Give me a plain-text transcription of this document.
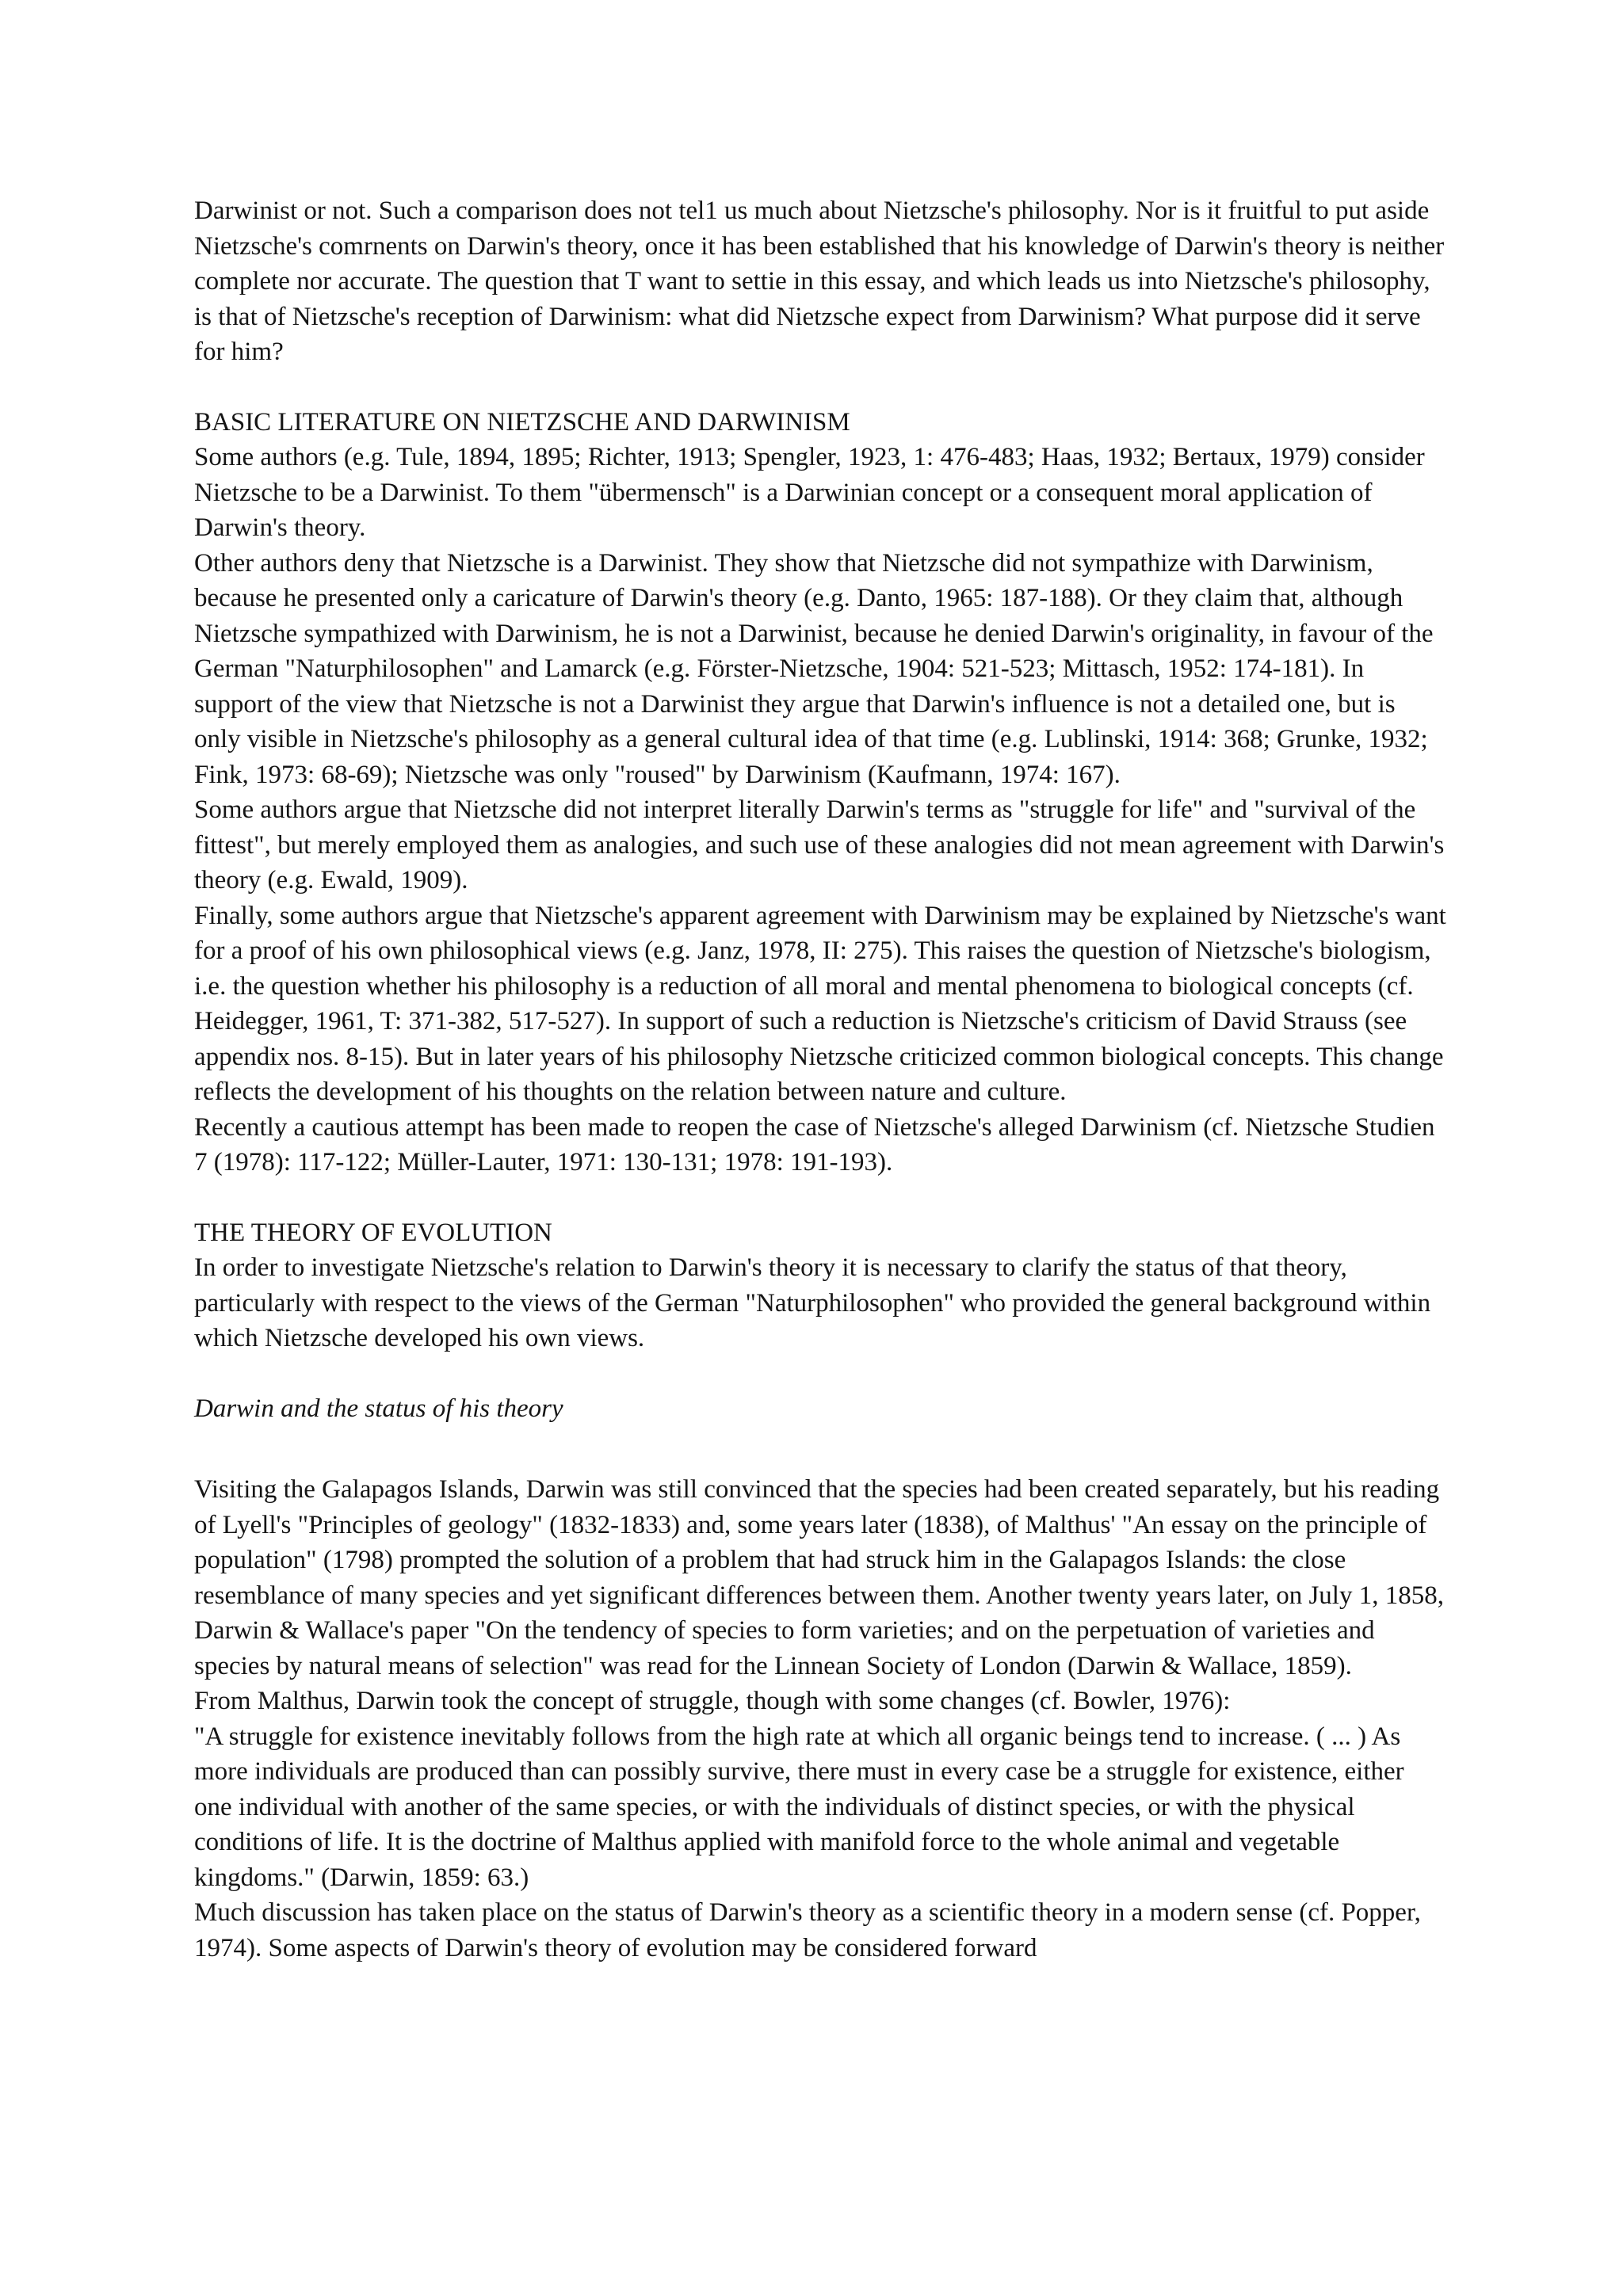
Darwinist or not. Such a comparison does not tel1 us much about Nietzsche's philosophy. Nor is it fruitful to put aside Nietzsche's comrnents on Darwin's theory, once it has been established that his knowledge of Darwin's theory is neither complete nor accurate. The question that T want to settie in this essay, and which leads us into Nietzsche's philosophy, is that of Nietzsche's reception of Darwinism: what did Nietzsche expect from Darwinism? What purpose did it serve for him?

BASIC LITERATURE ON NIETZSCHE AND DARWINISM

Some authors (e.g. Tule, 1894, 1895; Richter, 1913; Spengler, 1923, 1: 476-483; Haas, 1932; Bertaux, 1979) consider Nietzsche to be a Darwinist. To them "übermensch" is a Darwinian concept or a consequent moral application of Darwin's theory.

Other authors deny that Nietzsche is a Darwinist. They show that Nietzsche did not sympathize with Darwinism, because he presented only a caricature of Darwin's theory (e.g. Danto, 1965: 187-188). Or they claim that, although Nietzsche sympathized with Darwinism, he is not a Darwinist, because he denied Darwin's originality, in favour of the German "Naturphilosophen" and Lamarck (e.g. Förster-Nietzsche, 1904: 521-523; Mittasch, 1952: 174-181). In support of the view that Nietzsche is not a Darwinist they argue that Darwin's influence is not a detailed one, but is only visible in Nietzsche's philosophy as a general cultural idea of that time (e.g. Lublinski, 1914: 368; Grunke, 1932; Fink, 1973: 68-69); Nietzsche was only "roused" by Darwinism (Kaufmann, 1974: 167).

Some authors argue that Nietzsche did not interpret literally Darwin's terms as "struggle for life" and "survival of the fittest", but merely employed them as analogies, and such use of these analogies did not mean agreement with Darwin's theory (e.g. Ewald, 1909).

Finally, some authors argue that Nietzsche's apparent agreement with Darwinism may be explained by Nietzsche's want for a proof of his own philosophical views (e.g. Janz, 1978, II: 275). This raises the question of Nietzsche's biologism, i.e. the question whether his philosophy is a reduction of all moral and mental phenomena to biological concepts (cf. Heidegger, 1961, T: 371-382, 517-527). In support of such a reduction is Nietzsche's criticism of David Strauss (see appendix nos. 8-15). But in later years of his philosophy Nietzsche criticized common biological concepts. This change reflects the development of his thoughts on the relation between nature and culture.

Recently a cautious attempt has been made to reopen the case of Nietzsche's alleged Darwinism (cf. Nietzsche Studien 7 (1978): 117-122; Müller-Lauter, 1971: 130-131; 1978: 191-193).

THE THEORY OF EVOLUTION

In order to investigate Nietzsche's relation to Darwin's theory it is necessary to clarify the status of that theory, particularly with respect to the views of the German "Naturphilosophen" who provided the general background within which Nietzsche developed his own views.

Darwin and the status of his theory

Visiting the Galapagos Islands, Darwin was still convinced that the species had been created separately, but his reading of Lyell's "Principles of geology" (1832-1833) and, some years later (1838), of Malthus' "An essay on the principle of population" (1798) prompted the solution of a problem that had struck him in the Galapagos Islands: the close resemblance of many species and yet significant differences between them. Another twenty years later, on July 1, 1858, Darwin & Wallace's paper "On the tendency of species to form varieties; and on the perpetuation of varieties and species by natural means of selection" was read for the Linnean Society of London (Darwin & Wallace, 1859).

From Malthus, Darwin took the concept of struggle, though with some changes (cf. Bowler, 1976):

"A struggle for existence inevitably follows from the high rate at which all organic beings tend to increase. ( ... ) As more individuals are produced than can possibly survive, there must in every case be a struggle for existence, either one individual with another of the same species, or with the individuals of distinct species, or with the physical conditions of life. It is the doctrine of Malthus applied with manifold force to the whole animal and vegetable kingdoms." (Darwin, 1859: 63.)

Much discussion has taken place on the status of Darwin's theory as a scientific theory in a modern sense (cf. Popper, 1974). Some aspects of Darwin's theory of evolution may be considered forward
